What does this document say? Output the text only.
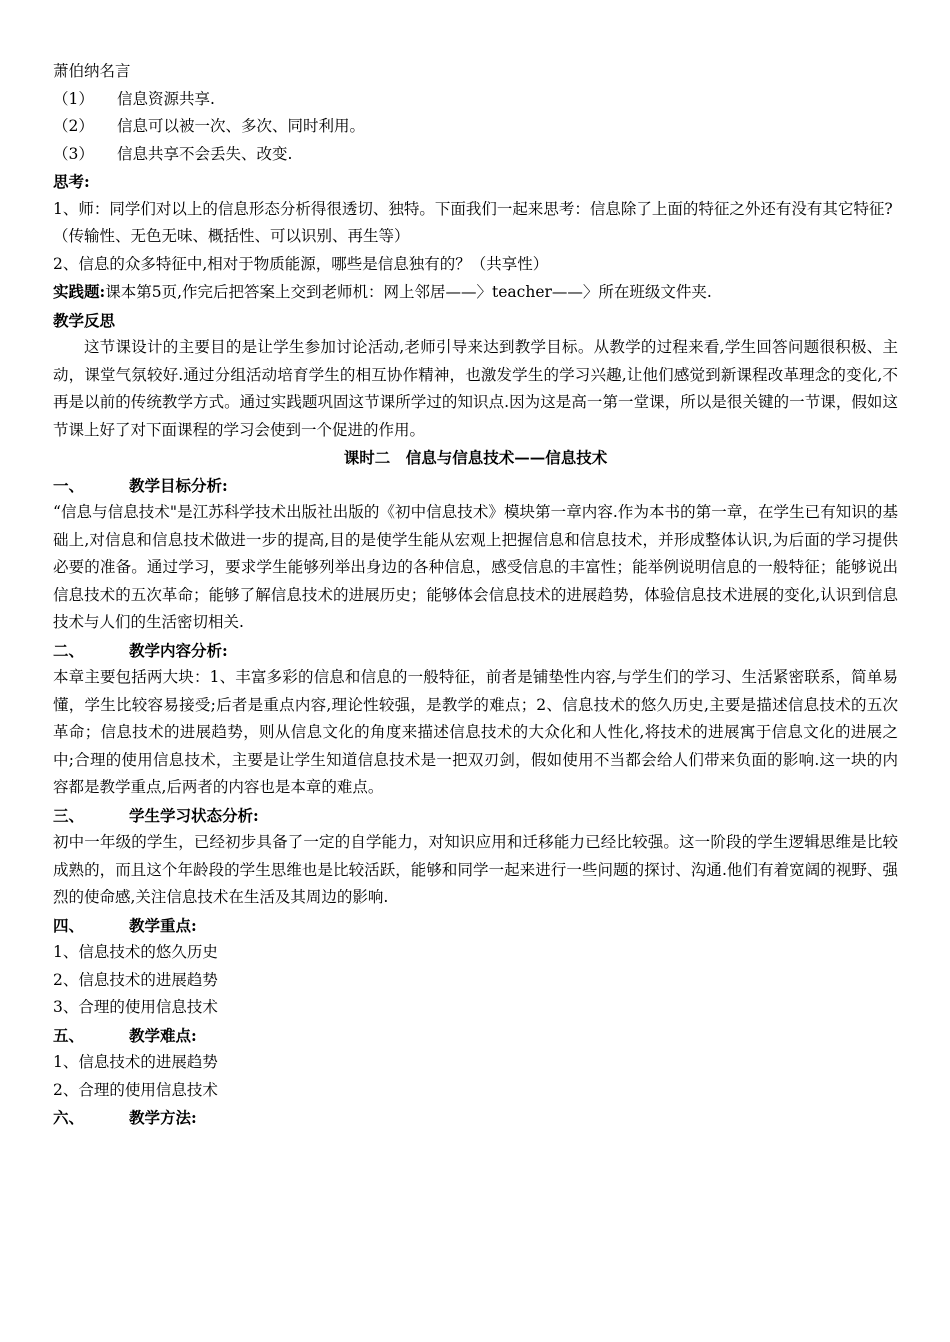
萧伯纳名言
（1） 信息资源共享.
（2） 信息可以被一次、多次、同时利用。
（3） 信息共享不会丢失、改变.
思考:
1、师：同学们对以上的信息形态分析得很透切、独特。下面我们一起来思考：信息除了上面的特征之外还有没有其它特征?
（传输性、无色无味、概括性、可以识别、再生等）
2、信息的众多特征中,相对于物质能源，哪些是信息独有的？（共享性）
实践题:课本第5页,作完后把答案上交到老师机：网上邻居——〉teacher——〉所在班级文件夹.
教学反思
这节课设计的主要目的是让学生参加讨论活动,老师引导来达到教学目标。从教学的过程来看,学生回答问题很积极、主动，课堂气氛较好.通过分组活动培育学生的相互协作精神，也激发学生的学习兴趣,让他们感觉到新课程改革理念的变化,不再是以前的传统教学方式。通过实践题巩固这节课所学过的知识点.因为这是高一第一堂课，所以是很关键的一节课，假如这节课上好了对下面课程的学习会使到一个促进的作用。
课时二　信息与信息技术——信息技术
一、	教学目标分析:
“信息与信息技术"是江苏科学技术出版社出版的《初中信息技术》模块第一章内容.作为本书的第一章，在学生已有知识的基础上,对信息和信息技术做进一步的提高,目的是使学生能从宏观上把握信息和信息技术，并形成整体认识,为后面的学习提供必要的准备。通过学习，要求学生能够列举出身边的各种信息，感受信息的丰富性；能举例说明信息的一般特征；能够说出信息技术的五次革命；能够了解信息技术的进展历史；能够体会信息技术的进展趋势，体验信息技术进展的变化,认识到信息技术与人们的生活密切相关.
二、	教学内容分析:
本章主要包括两大块：1、丰富多彩的信息和信息的一般特征，前者是铺垫性内容,与学生们的学习、生活紧密联系，简单易懂，学生比较容易接受;后者是重点内容,理论性较强，是教学的难点；2、信息技术的悠久历史,主要是描述信息技术的五次革命；信息技术的进展趋势，则从信息文化的角度来描述信息技术的大众化和人性化,将技术的进展寓于信息文化的进展之中;合理的使用信息技术，主要是让学生知道信息技术是一把双刃剑，假如使用不当都会给人们带来负面的影响.这一块的内容都是教学重点,后两者的内容也是本章的难点。
三、	学生学习状态分析:
初中一年级的学生，已经初步具备了一定的自学能力，对知识应用和迁移能力已经比较强。这一阶段的学生逻辑思维是比较成熟的，而且这个年龄段的学生思维也是比较活跃，能够和同学一起来进行一些问题的探讨、沟通.他们有着宽阔的视野、强烈的使命感,关注信息技术在生活及其周边的影响.
四、	教学重点:
1、信息技术的悠久历史
2、信息技术的进展趋势
3、合理的使用信息技术
五、	教学难点:
1、信息技术的进展趋势
2、合理的使用信息技术
六、	教学方法:
